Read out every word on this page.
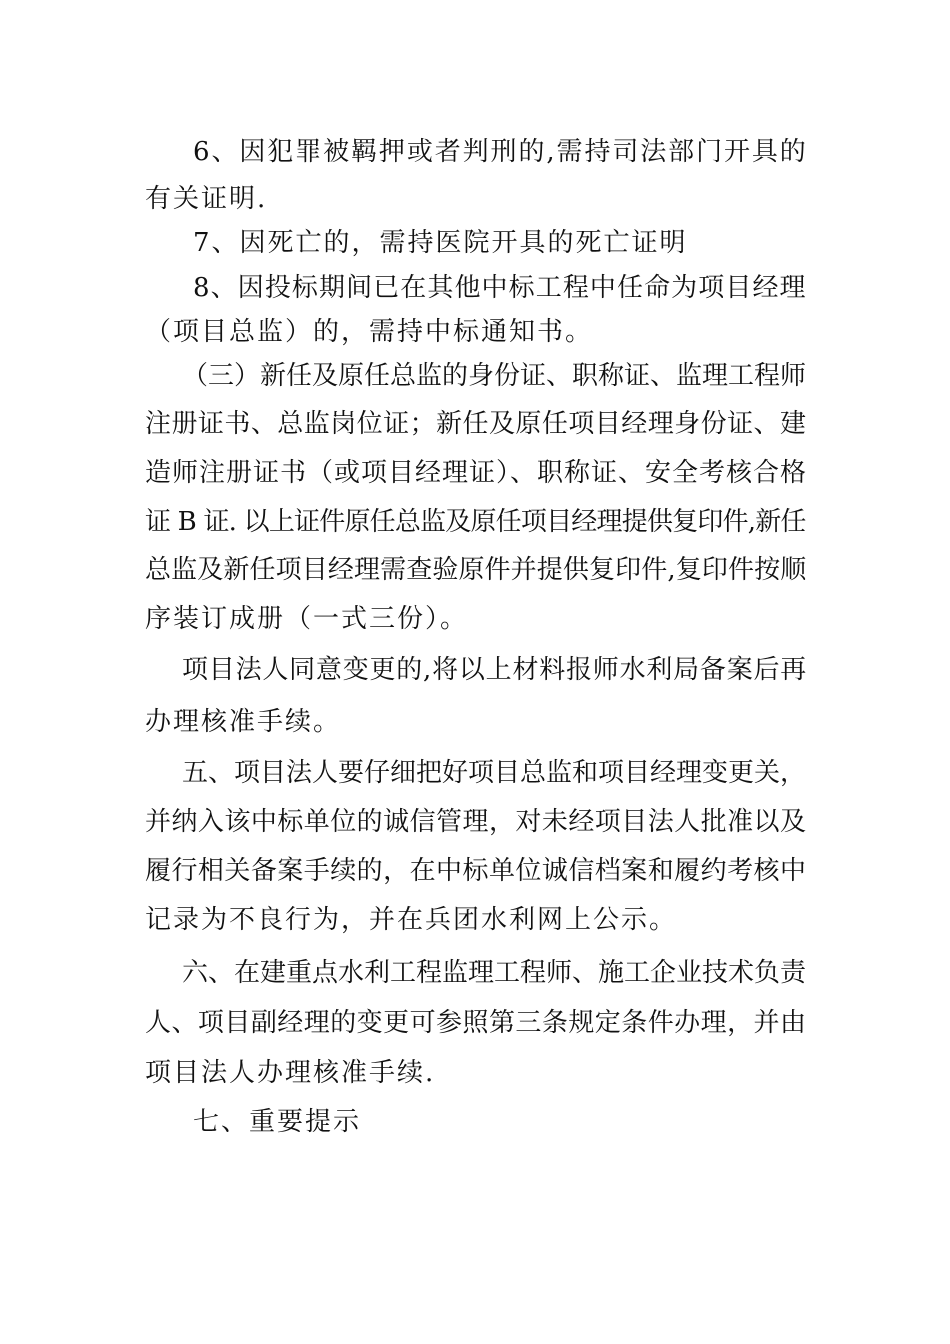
6、因犯罪被羁押或者判刑的,需持司法部门开具的

有关证明.

7、因死亡的，需持医院开具的死亡证明

8、因投标期间已在其他中标工程中任命为项目经理

（项目总监）的，需持中标通知书。

（三）新任及原任总监的身份证、职称证、监理工程师

注册证书、总监岗位证；新任及原任项目经理身份证、建

造师注册证书（或项目经理证）、职称证、安全考核合格

证 B 证. 以上证件原任总监及原任项目经理提供复印件,新任

总监及新任项目经理需查验原件并提供复印件,复印件按顺

序装订成册（一式三份）。

项目法人同意变更的,将以上材料报师水利局备案后再

办理核准手续。

五、项目法人要仔细把好项目总监和项目经理变更关，

并纳入该中标单位的诚信管理，对未经项目法人批准以及

履行相关备案手续的，在中标单位诚信档案和履约考核中

记录为不良行为，并在兵团水利网上公示。

六、在建重点水利工程监理工程师、施工企业技术负责

人、项目副经理的变更可参照第三条规定条件办理，并由

项目法人办理核准手续.

七、重要提示
